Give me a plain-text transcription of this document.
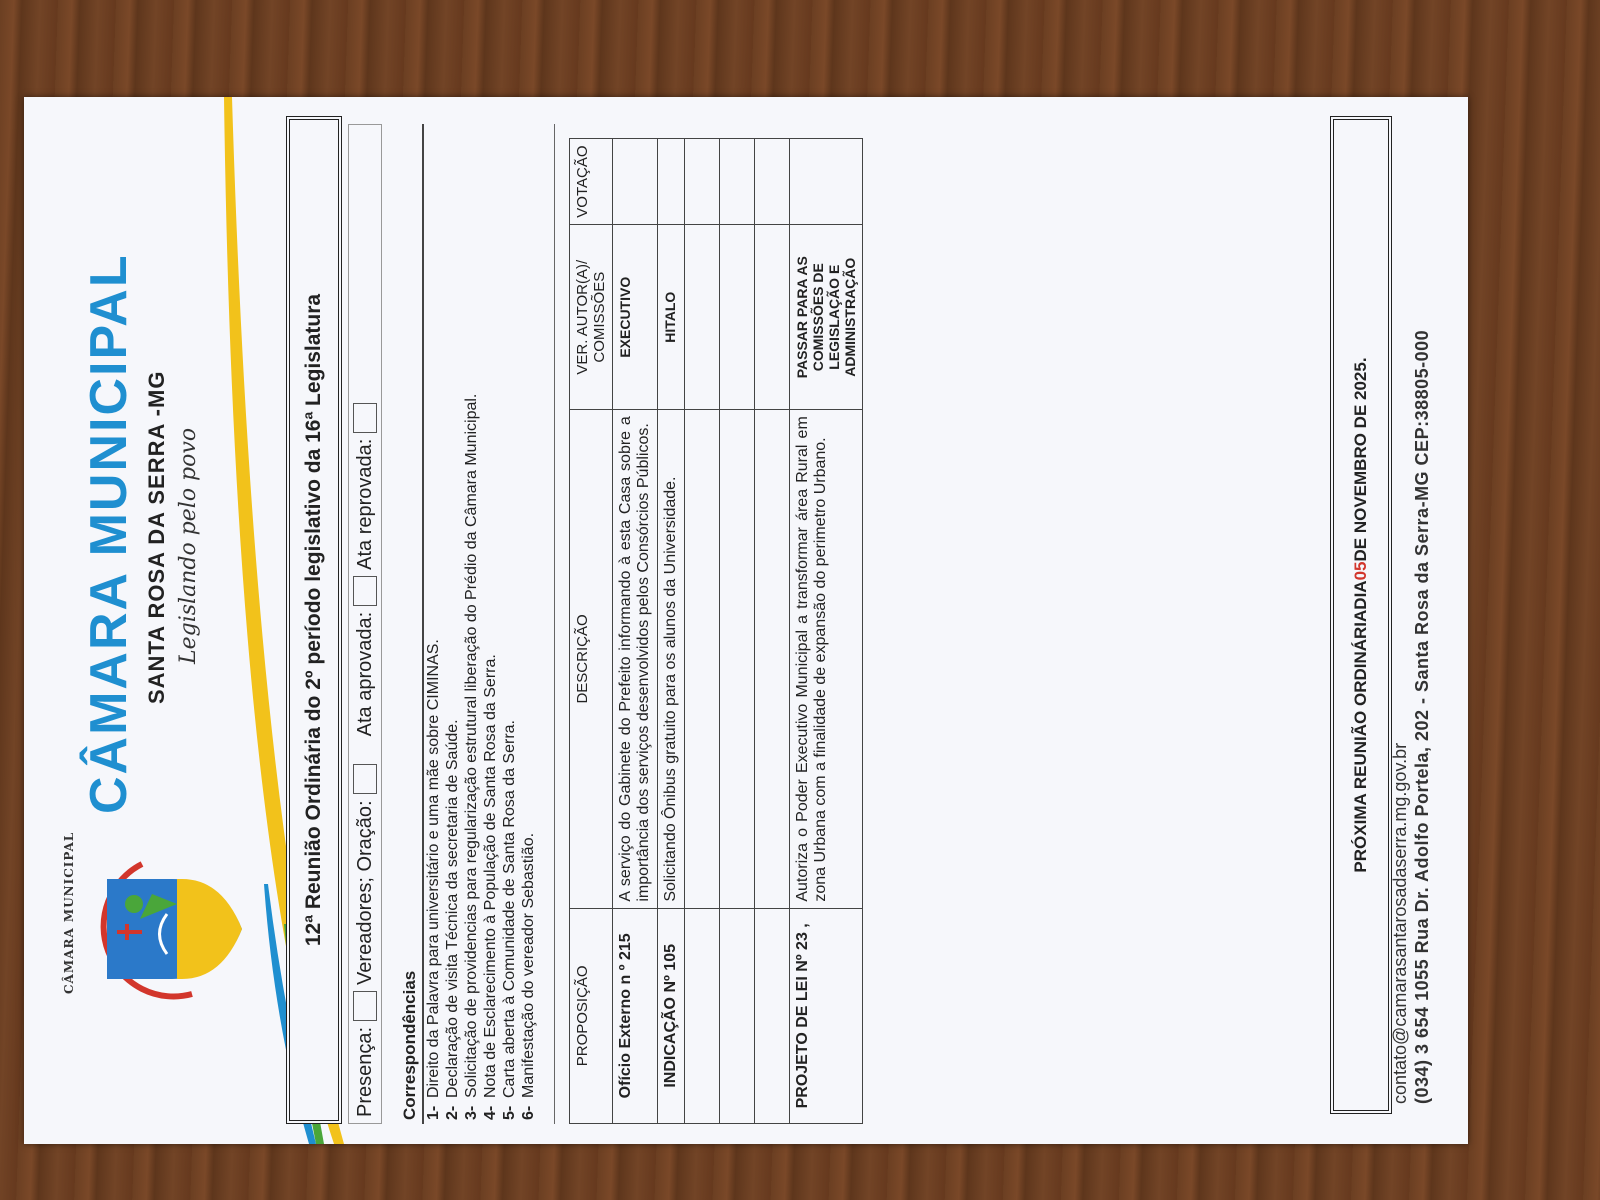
CÂMARA MUNICIPAL
CÂMARA MUNICIPAL SANTA ROSA DA SERRA -MG Legislando pelo povo	12ª Reunião Ordinária do 2º período legislativo da 16ª Legislatura
Presença:
Vereadores; Oração:
Ata aprovada:
Ata reprovada:
Correspondências 1-
Direito da Palavra para universitário e uma mãe sobre CIMINAS.
2-
Declaração de visita Técnica da secretaria de Saúde.
3-
Solicitação de providencias para regularização estrutural liberação do Prédio da Câmara Municipal.
4-
Nota de Esclarecimento à População de Santa Rosa da Serra.
5-
Carta aberta à Comunidade de Santa Rosa da Serra.
6-
Manifestação do vereador Sebastião. PROPOSIÇÃO	DESCRIÇÃO	VER. AUTOR(A)/ COMISSÕES	VOTAÇÃO
Ofício Externo n º 215	A serviço do Gabinete do Prefeito informando à esta Casa sobre a importância dos serviços desenvolvidos pelos Consórcios Públicos.	EXECUTIVO	
INDICAÇÃO Nº 105	Solicitando Ônibus gratuito para os alunos da Universidade.	HITALO	

PROJETO DE LEI Nº 23 ,	Autoriza o Poder Executivo Municipal a transformar área Rural em zona Urbana com a finalidade de expansão do perimetro Urbano.	PASSAR PARA AS COMISSÕES DE LEGISLAÇÃO E ADMINISTRAÇÃO	
PRÓXIMA REUNIÃO ORDINÁRIADIA
05
DE NOVEMBRO DE 2025.
contato@camarasantarosadaserra.mg.gov.br (034) 3 654 1055 Rua Dr. Adolfo Portela, 202 - Santa Rosa da Serra-MG CEP:38805-000
